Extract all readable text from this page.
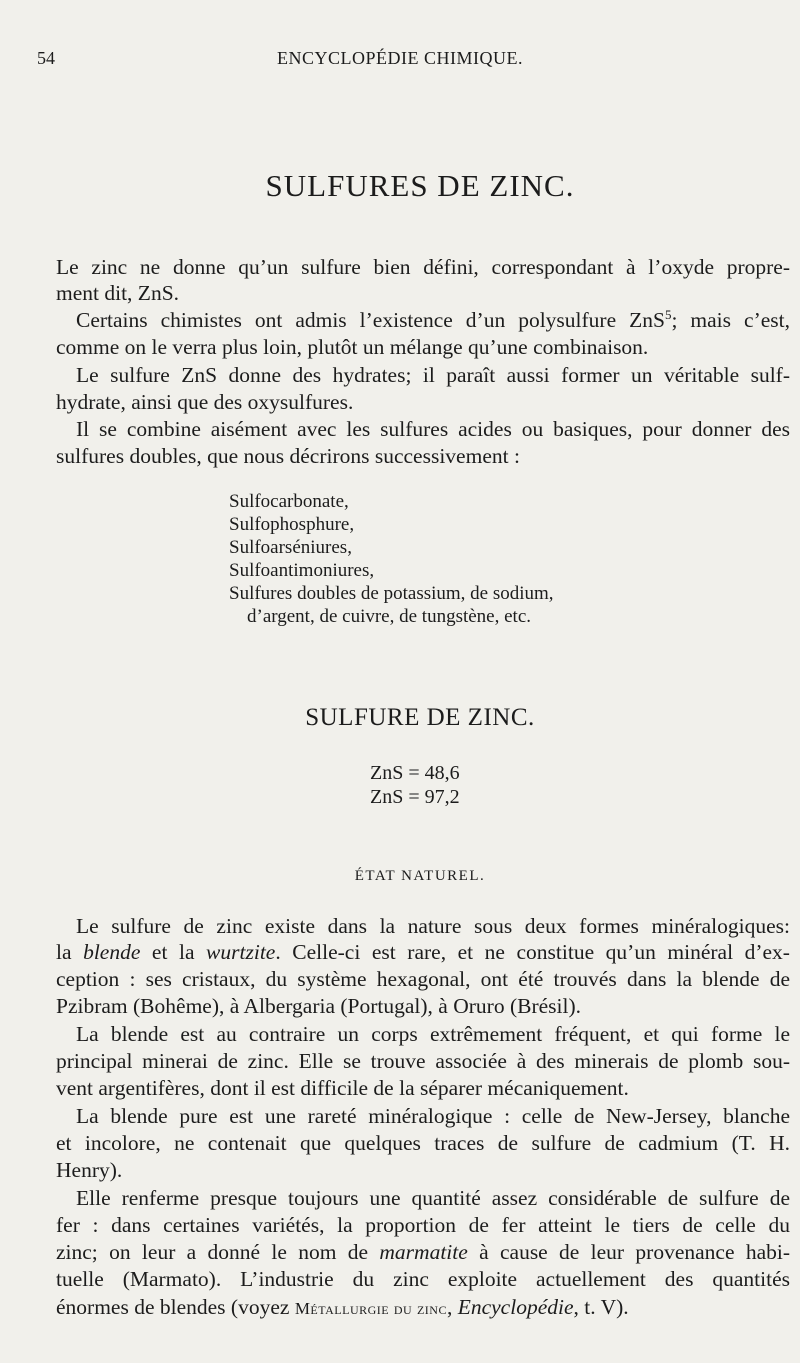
54	ENCYCLOPÉDIE CHIMIQUE.
SULFURES DE ZINC.
Le zinc ne donne qu’un sulfure bien défini, correspondant à l’oxyde propre-
ment dit, ZnS.
Certains chimistes ont admis l’existence d’un polysulfure ZnS$^5$; mais c’est,
comme on le verra plus loin, plutôt un mélange qu’une combinaison.
Le sulfure ZnS donne des hydrates; il paraît aussi former un véritable sulf-
hydrate, ainsi que des oxysulfures.
Il se combine aisément avec les sulfures acides ou basiques, pour donner des
sulfures doubles, que nous décrirons successivement :
Sulfocarbonate,
Sulfophosphure,
Sulfoarséniures,
Sulfoantimoniures,
Sulfures doubles de potassium, de sodium,
d’argent, de cuivre, de tungstène, etc.
SULFURE DE ZINC.
ZnS = 48,6
ZnS = 97,2
ÉTAT NATUREL.
Le sulfure de zinc existe dans la nature sous deux formes minéralogiques:
la blende et la wurtzite. Celle-ci est rare, et ne constitue qu’un minéral d’ex-
ception : ses cristaux, du système hexagonal, ont été trouvés dans la blende de
Pzibram (Bohême), à Albergaria (Portugal), à Oruro (Brésil).
La blende est au contraire un corps extrêmement fréquent, et qui forme le
principal minerai de zinc. Elle se trouve associée à des minerais de plomb sou-
vent argentifères, dont il est difficile de la séparer mécaniquement.
La blende pure est une rareté minéralogique : celle de New-Jersey, blanche
et incolore, ne contenait que quelques traces de sulfure de cadmium (T. H.
Henry).
Elle renferme presque toujours une quantité assez considérable de sulfure de
fer : dans certaines variétés, la proportion de fer atteint le tiers de celle du
zinc; on leur a donné le nom de marmatite à cause de leur provenance habi-
tuelle (Marmato). L’industrie du zinc exploite actuellement des quantités
énormes de blendes (voyez Métallurgie du zinc, Encyclopédie, t. V).
